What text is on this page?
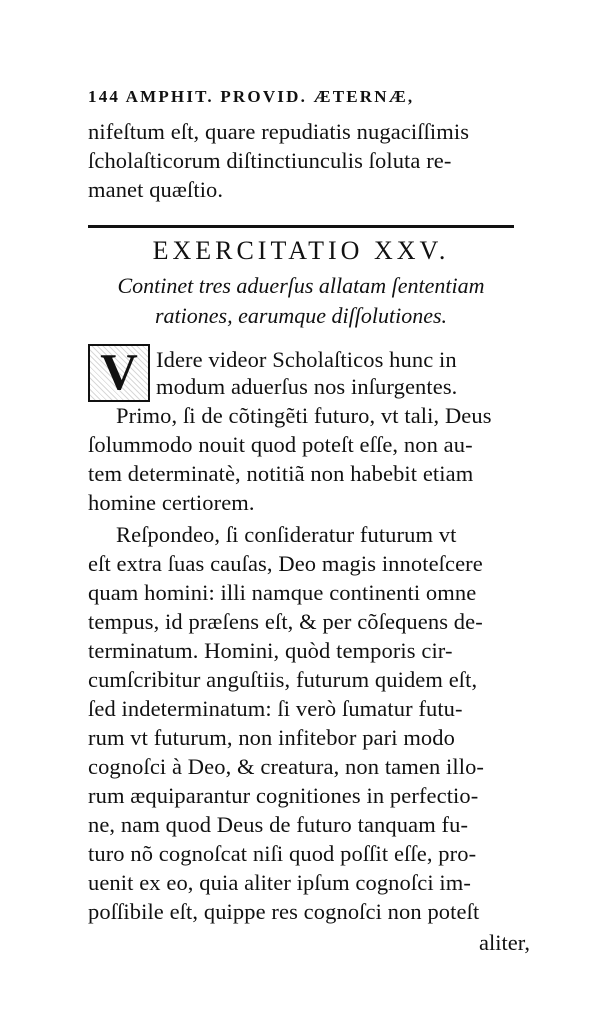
144 AMPHIT. PROVID. ÆTERNÆ,
nifeſtum eſt, quare repudiatis nugaciſſimis
ſcholaſticorum diſtinctiunculis ſoluta re-
manet quæſtio.
EXERCITATIO XXV.
Continet tres aduerſus allatam ſententiam
rationes, earumque diſſolutiones.
V Idere videor Scholaſticos hunc in
modum aduerſus nos inſurgentes.
Primo, ſi de cõtingẽti futuro, vt tali, Deus
ſolummodo nouit quod poteſt eſſe, non au-
tem determinatè, notitiã non habebit etiam
homine certiorem.
Reſpondeo, ſi conſideratur futurum vt
eſt extra ſuas cauſas, Deo magis innoteſcere
quam homini: illi namque continenti omne
tempus, id præſens eſt, & per cõſequens de-
terminatum. Homini, quòd temporis cir-
cumſcribitur anguſtiis, futurum quidem eſt,
ſed indeterminatum: ſi verò ſumatur futu-
rum vt futurum, non infitebor pari modo
cognoſci à Deo, & creatura, non tamen illo-
rum æquiparantur cognitiones in perfectio-
ne, nam quod Deus de futuro tanquam fu-
turo nõ cognoſcat niſi quod poſſit eſſe, pro-
uenit ex eo, quia aliter ipſum cognoſci im-
poſſibile eſt, quippe res cognoſci non poteſt
aliter,
